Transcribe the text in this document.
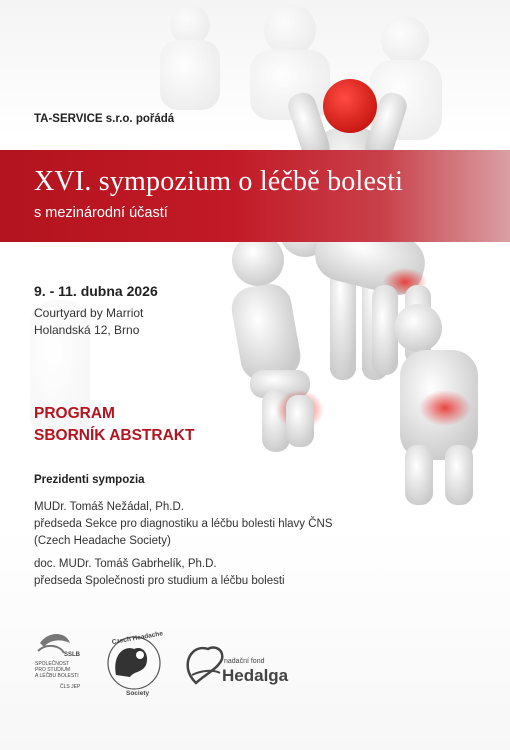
TA-SERVICE s.r.o. pořádá
XVI. sympozium o léčbě bolesti
s mezinárodní účastí
9. - 11. dubna 2026
Courtyard by Marriot
Holandská 12, Brno
PROGRAM
SBORNÍK ABSTRAKT
Prezidenti sympozia
MUDr. Tomáš Nežádal, Ph.D.
předseda Sekce pro diagnostiku a léčbu bolesti hlavy ČNS
(Czech Headache Society)
doc. MUDr. Tomáš Gabrhelík, Ph.D.
předseda Společnosti pro studium a léčbu bolesti
SSLB
SPOLEČNOST
PRO STUDIUM
A LÉČBU BOLESTI
ČLS JEP
Czech Headache
Society
nadační fond
Hedalga
